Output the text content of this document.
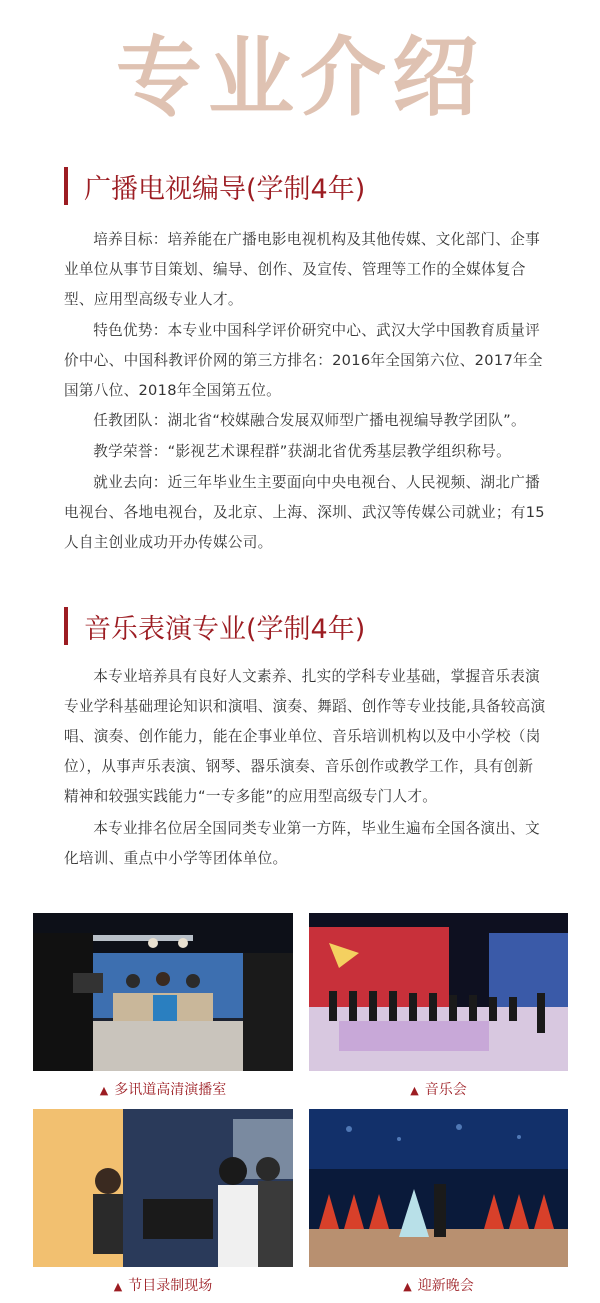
专业介绍
广播电视编导(学制4年)
培养目标：培养能在广播电影电视机构及其他传媒、文化部门、企事业单位从事节目策划、编导、创作、及宣传、管理等工作的全媒体复合型、应用型高级专业人才。
特色优势：本专业中国科学评价研究中心、武汉大学中国教育质量评价中心、中国科教评价网的第三方排名：2016年全国第六位、2017年全国第八位、2018年全国第五位。
任教团队：湖北省“校媒融合发展双师型广播电视编导教学团队”。
教学荣誉：“影视艺术课程群”获湖北省优秀基层教学组织称号。
就业去向：近三年毕业生主要面向中央电视台、人民视频、湖北广播电视台、各地电视台，及北京、上海、深圳、武汉等传媒公司就业；有15人自主创业成功开办传媒公司。
音乐表演专业(学制4年)
本专业培养具有良好人文素养、扎实的学科专业基础，掌握音乐表演专业学科基础理论知识和演唱、演奏、舞蹈、创作等专业技能,具备较高演唱、演奏、创作能力，能在企事业单位、音乐培训机构以及中小学校（岗位），从事声乐表演、钢琴、器乐演奏、音乐创作或教学工作，具有创新精神和较强实践能力“一专多能”的应用型高级专门人才。
本专业排名位居全国同类专业第一方阵，毕业生遍布全国各演出、文化培训、重点中小学等团体单位。
▲ 多讯道高清演播室	▲ 音乐会
▲ 节目录制现场	▲ 迎新晚会
